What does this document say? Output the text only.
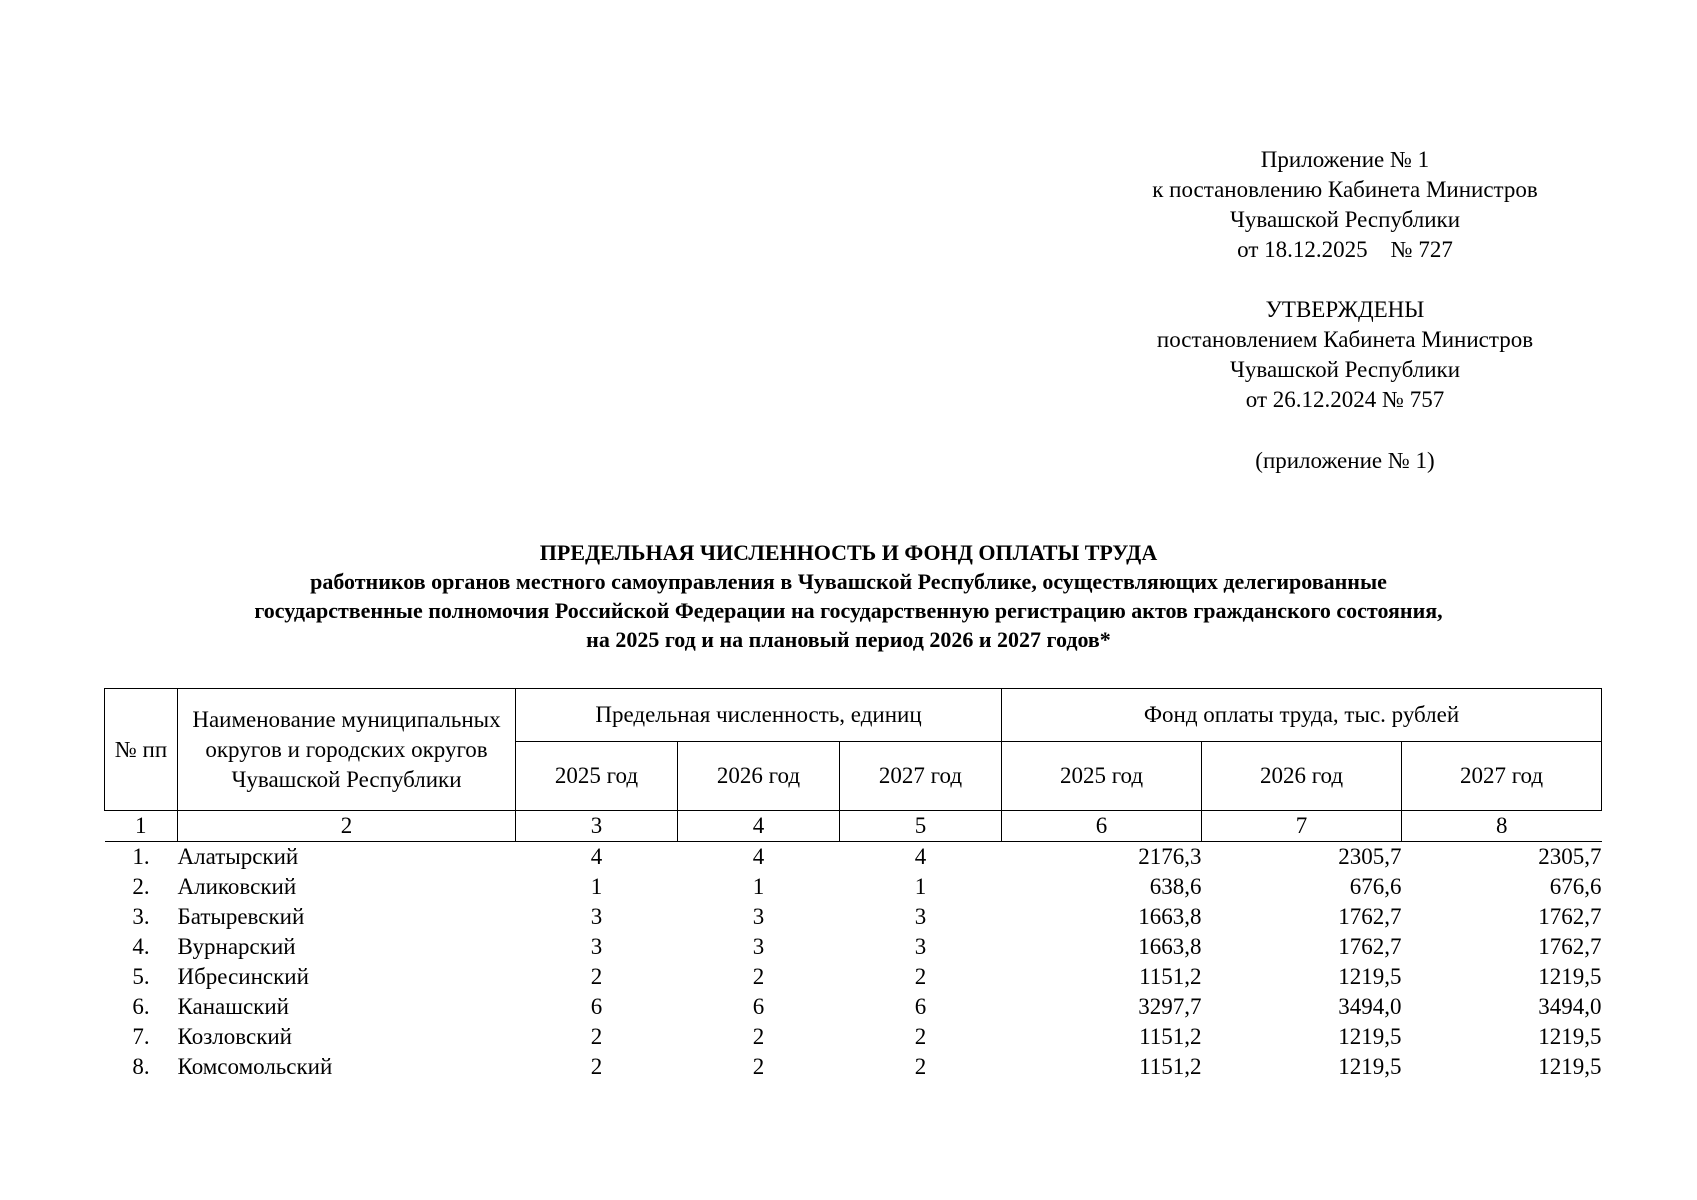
Приложение № 1
к постановлению Кабинета Министров
Чувашской Республики
от 18.12.2025    № 727
УТВЕРЖДЕНЫ
постановлением Кабинета Министров
Чувашской Республики
от 26.12.2024 № 757
(приложение № 1)
ПРЕДЕЛЬНАЯ ЧИСЛЕННОСТЬ И ФОНД ОПЛАТЫ ТРУДА
работников органов местного самоуправления в Чувашской Республике, осуществляющих делегированные
государственные полномочия Российской Федерации на государственную регистрацию актов гражданского состояния,
на 2025 год и на плановый период 2026 и 2027 годов*
№ пп	Наименование муниципальных округов и городских округов Чувашской Республики	Предельная численность, единиц			Фонд оплаты труда, тыс. рублей		
		2025 год	2026 год	2027 год	2025 год	2026 год	2027 год
1	2	3	4	5	6	7	8
1.	Алатырский	4	4	4	2176,3	2305,7	2305,7
2.	Аликовский	1	1	1	638,6	676,6	676,6
3.	Батыревский	3	3	3	1663,8	1762,7	1762,7
4.	Вурнарский	3	3	3	1663,8	1762,7	1762,7
5.	Ибресинский	2	2	2	1151,2	1219,5	1219,5
6.	Канашский	6	6	6	3297,7	3494,0	3494,0
7.	Козловский	2	2	2	1151,2	1219,5	1219,5
8.	Комсомольский	2	2	2	1151,2	1219,5	1219,5
